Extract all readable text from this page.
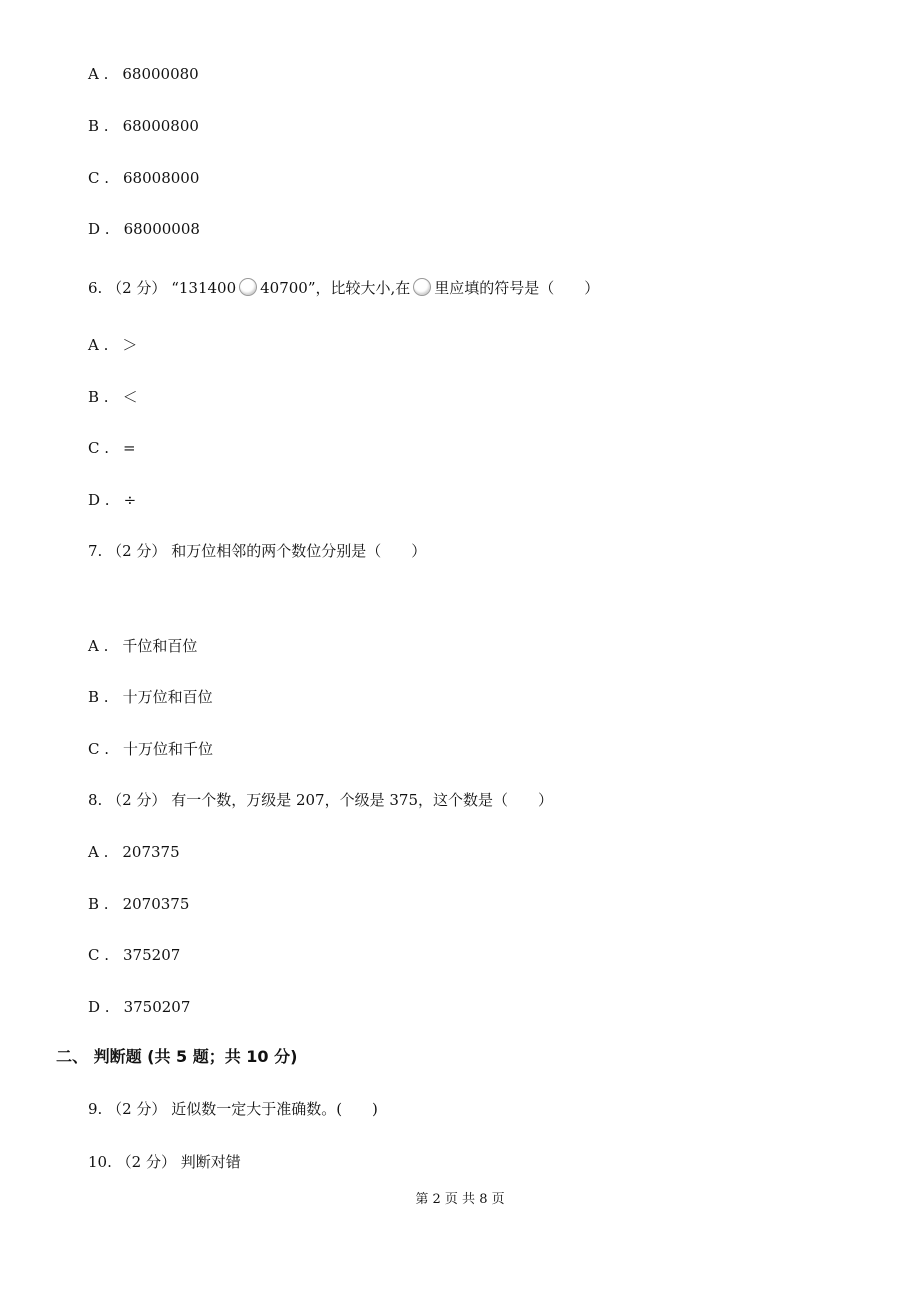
A . 68000080
B . 68000800
C . 68008000
D . 68000008
6. （2 分） “131400 40700”，比较大小,在 里应填的符号是（　　）
A . ＞
B . ＜
C . =
D . ÷
7. （2 分） 和万位相邻的两个数位分别是（　　）
A . 千位和百位
B . 十万位和百位
C . 十万位和千位
8. （2 分） 有一个数，万级是 207，个级是 375，这个数是（　　）
A . 207375
B . 2070375
C . 375207
D . 3750207
二、 判断题 (共 5 题；共 10 分)
9. （2 分） 近似数一定大于准确数。(　　)
10. （2 分） 判断对错
第 2 页 共 8 页
